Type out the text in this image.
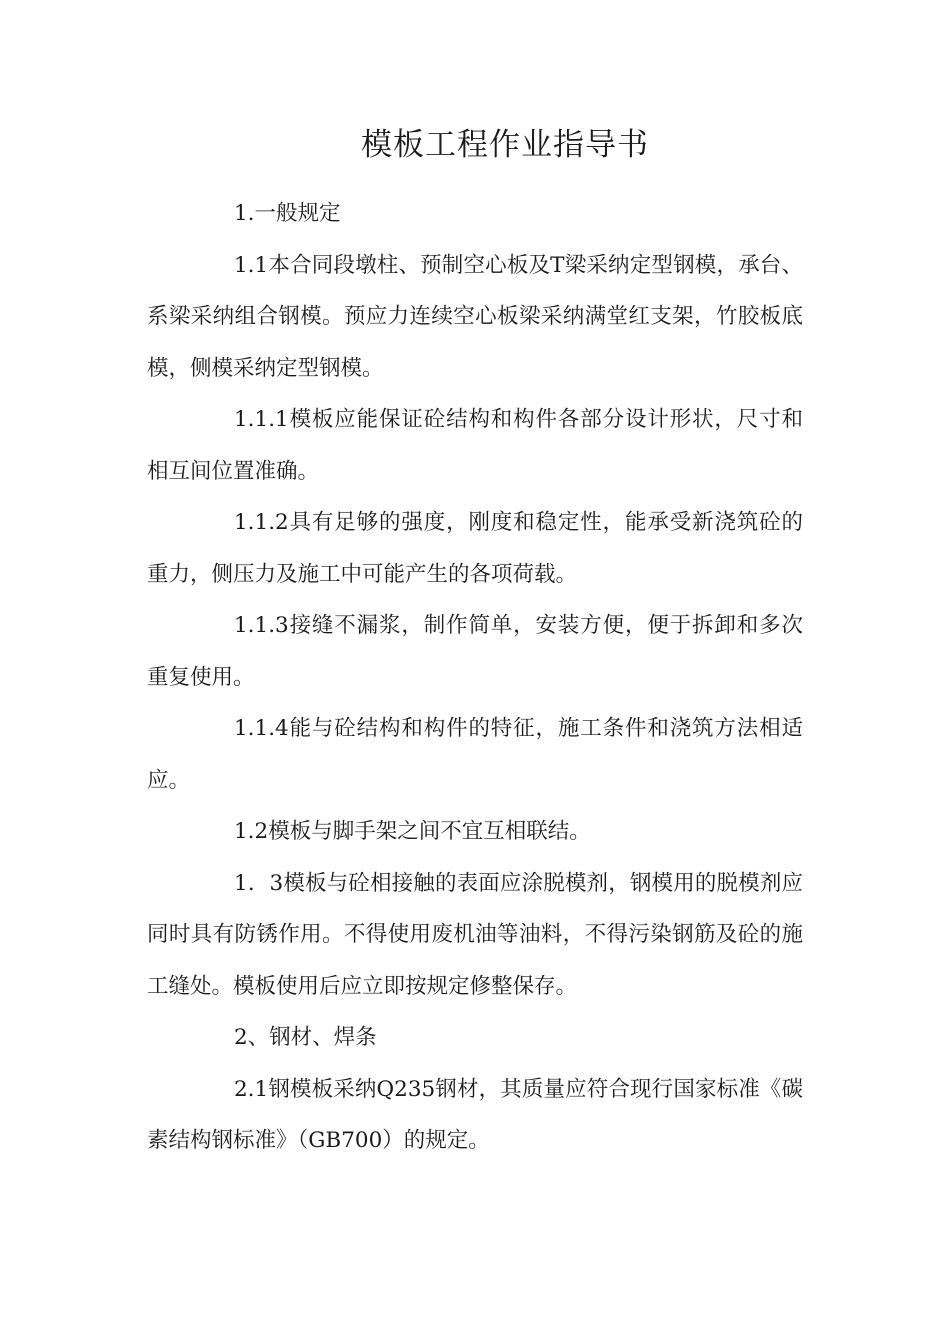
模板工程作业指导书

1.一般规定

1.1本合同段墩柱、预制空心板及T梁采纳定型钢模，承台、系梁采纳组合钢模。预应力连续空心板梁采纳满堂红支架，竹胶板底模，侧模采纳定型钢模。

1.1.1模板应能保证砼结构和构件各部分设计形状，尺寸和相互间位置准确。

1.1.2具有足够的强度，刚度和稳定性，能承受新浇筑砼的重力，侧压力及施工中可能产生的各项荷载。

1.1.3接缝不漏浆，制作简单，安装方便，便于拆卸和多次重复使用。

1.1.4能与砼结构和构件的特征，施工条件和浇筑方法相适应。

1.2模板与脚手架之间不宜互相联结。

1．3模板与砼相接触的表面应涂脱模剂，钢模用的脱模剂应同时具有防锈作用。不得使用废机油等油料，不得污染钢筋及砼的施工缝处。模板使用后应立即按规定修整保存。

2、钢材、焊条

2.1钢模板采纳Q235钢材，其质量应符合现行国家标准《碳素结构钢标准》（GB700）的规定。
